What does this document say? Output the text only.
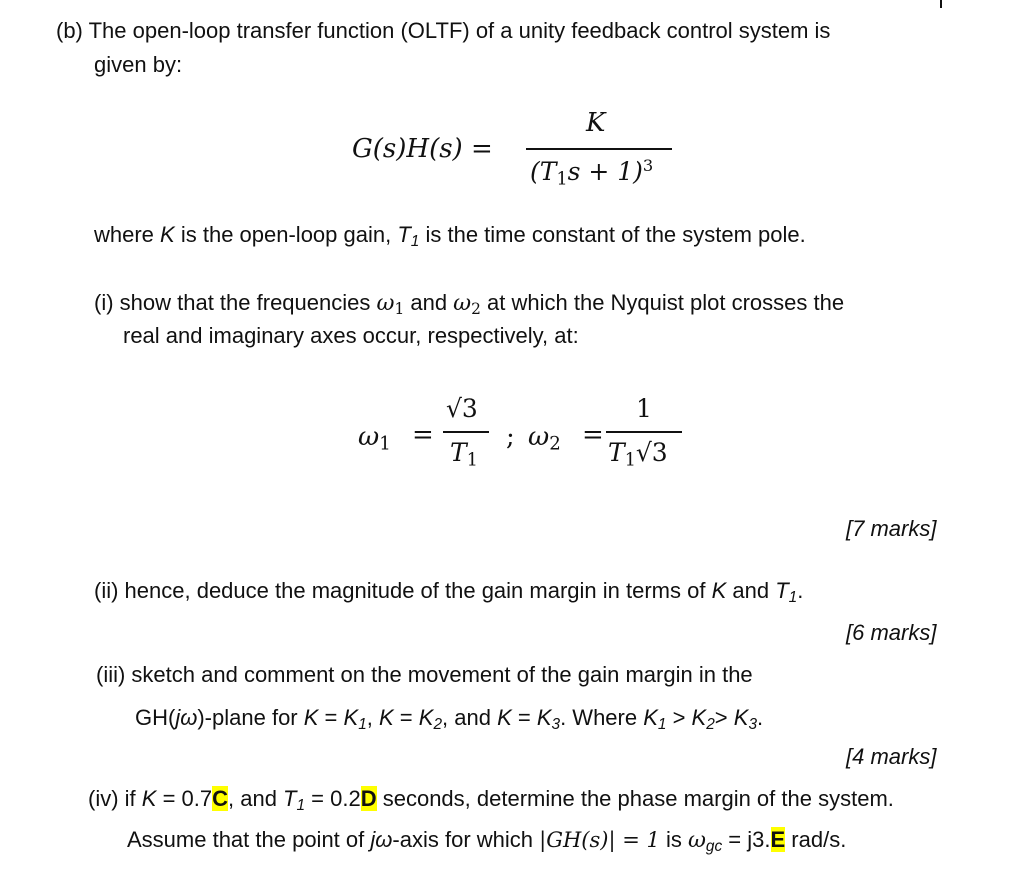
(b) The open-loop transfer function (OLTF) of a unity feedback control system is
given by:
G(s)H(s) =
K
$(T_1s + 1)^3$
where K is the open-loop gain, $T_1$ is the time constant of the system pole.
(i) show that the frequencies $\omega_1$ and $\omega_2$ at which the Nyquist plot crosses the
real and imaginary axes occur, respectively, at:
$\omega_1$ =
√3
$T_1$
; $\omega_2$ =
1
$T_1√3$
[7 marks]
(ii) hence, deduce the magnitude of the gain margin in terms of K and $T_1$.
[6 marks]
(iii) sketch and comment on the movement of the gain margin in the
GH(jω)-plane for $K = K_1$, $K = K_2$, and $K = K_3$. Where $K_1 > K_2> K_3$.
[4 marks]
(iv) if K = 0.7C, and $T_1 = 0.2D$ seconds, determine the phase margin of the system.
Assume that the point of jω-axis for which |GH(s)| = 1 is $\omega_{gc} = j3.E$ rad/s.
